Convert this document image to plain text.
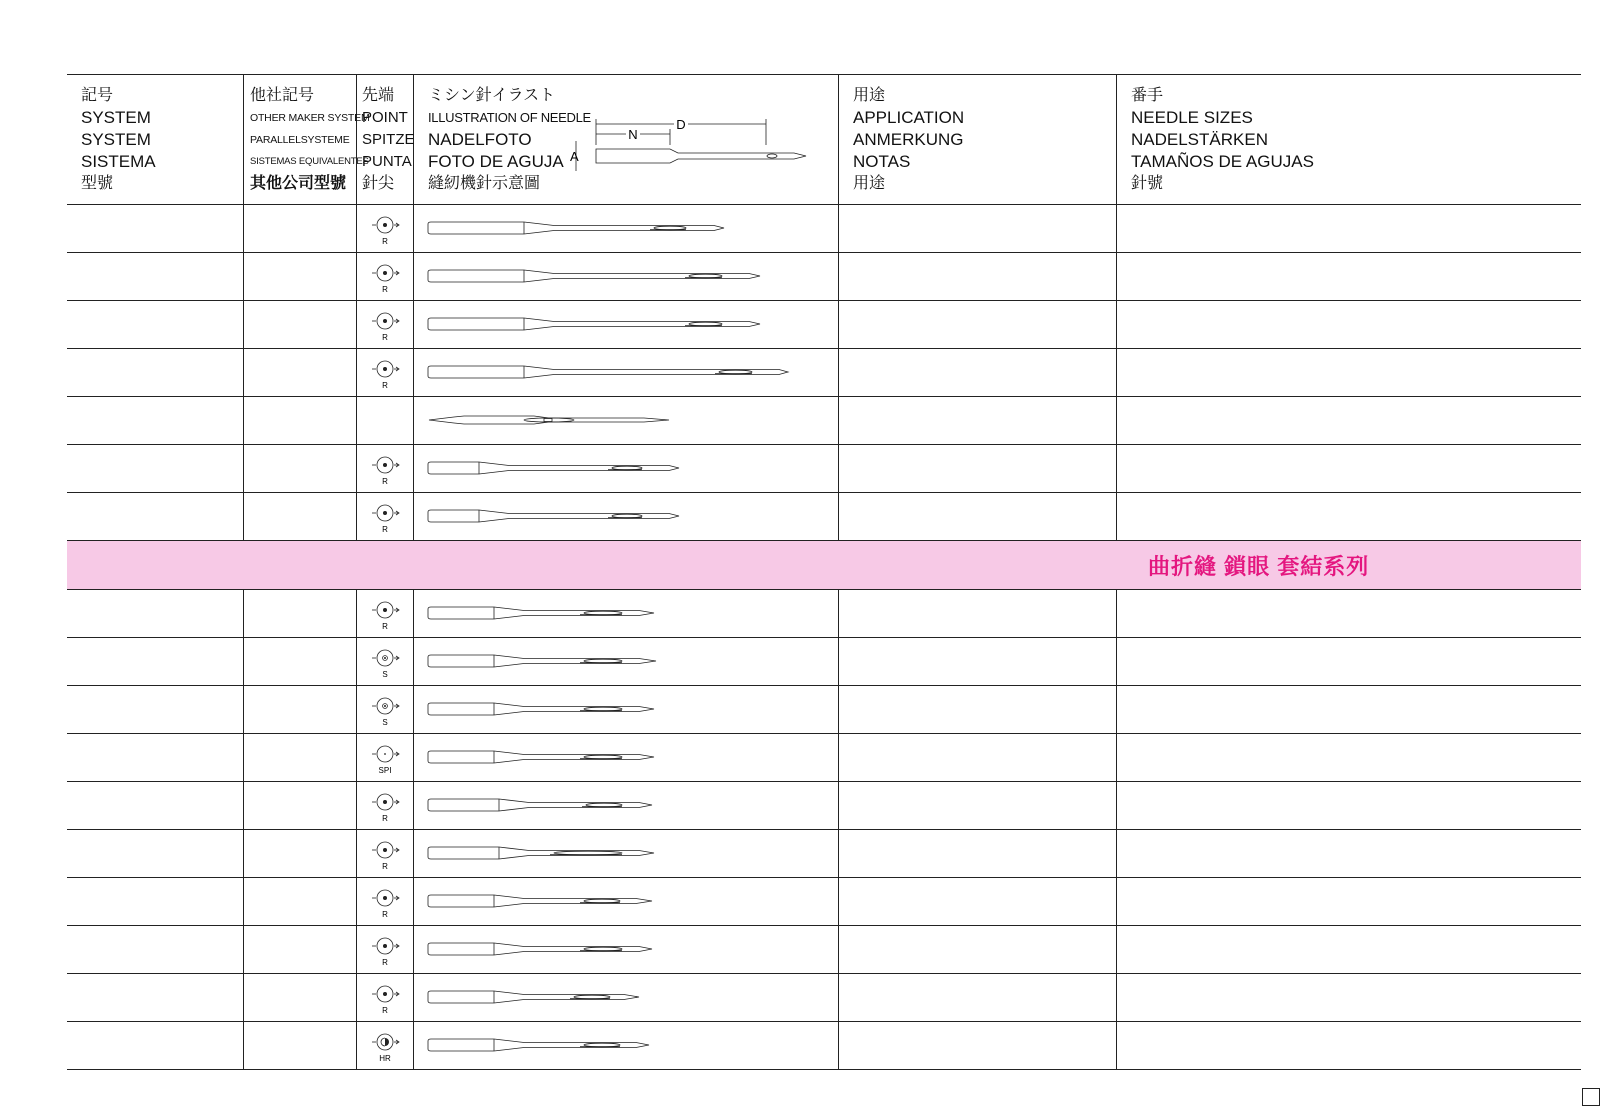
記号
SYSTEM
SYSTEM
SISTEMA
型號
他社記号
OTHER MAKER SYSTEM
PARALLELSYSTEME
SISTEMAS EQUIVALENTES
其他公司型號
先端
POINT
SPITZE
PUNTA
針尖
ミシン針イラスト
ILLUSTRATION OF NEEDLE
NADELFOTO
FOTO DE AGUJA
縫紉機針示意圖
N
D
A
用途
APPLICATION
ANMERKUNG
NOTAS
用途
番手
NEEDLE SIZES
NADELSTÄRKEN
TAMAÑOS DE AGUJAS
針號
R
R
R
R
R
R
曲折縫 鎖眼 套結系列
R
S
S
SPI
R
R
R
R
R
HR
